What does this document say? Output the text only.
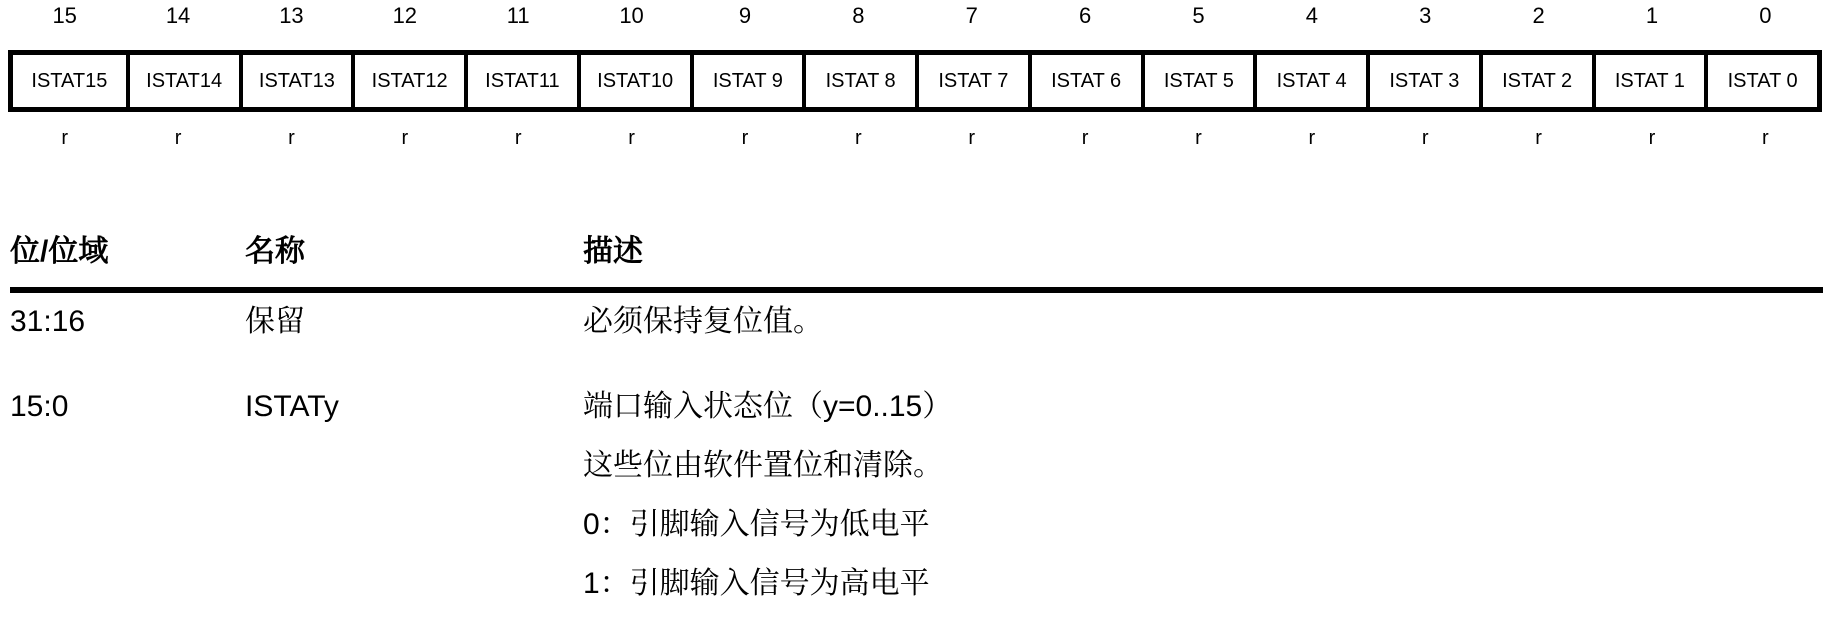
15	14	13	12	11	10	9	8	7	6	5	4	3	2	1	0
ISTAT15	ISTAT14	ISTAT13	ISTAT12	ISTAT11	ISTAT10	ISTAT 9	ISTAT 8	ISTAT 7	ISTAT 6	ISTAT 5	ISTAT 4	ISTAT 3	ISTAT 2	ISTAT 1	ISTAT 0
r	r	r	r	r	r	r	r	r	r	r	r	r	r	r	r
位/位域	名称	描述
31:16	保留	必须保持复位值。
15:0	ISTATy	端口输入状态位（y=0..15）
这些位由软件置位和清除。
0：引脚输入信号为低电平
1：引脚输入信号为高电平
